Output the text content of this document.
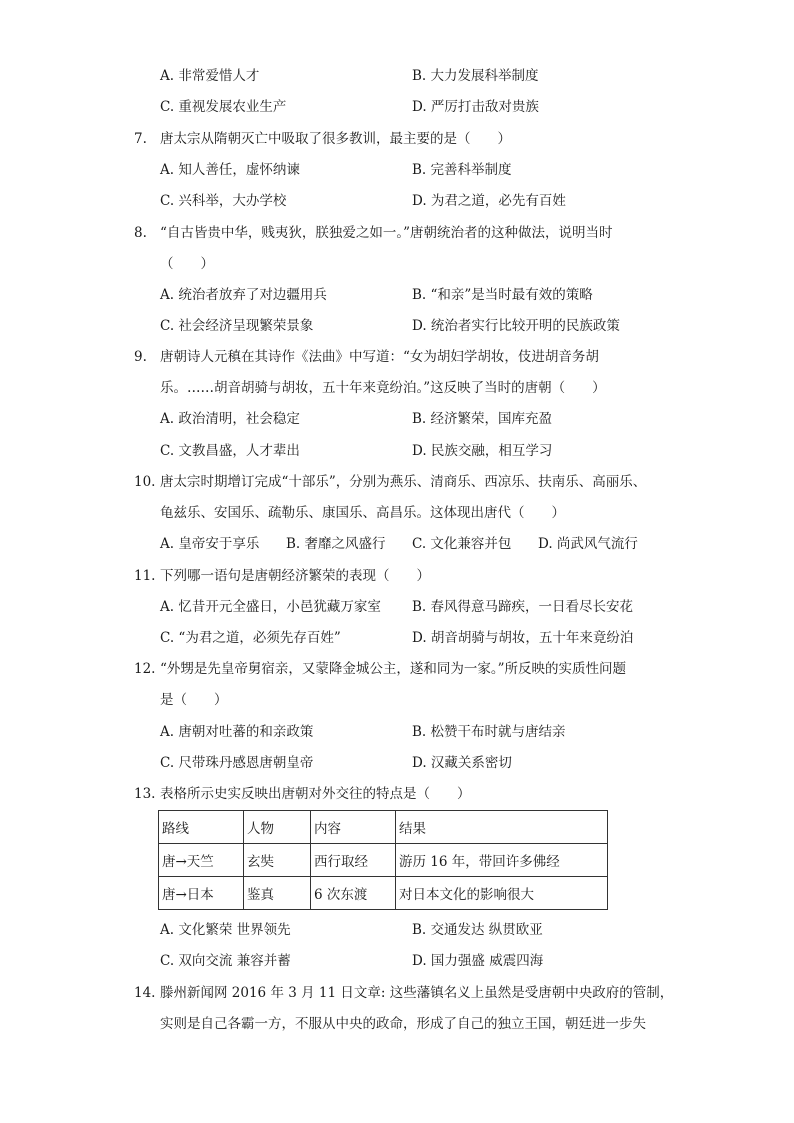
A. 非常爱惜人才	B. 大力发展科举制度
C. 重视发展农业生产	D. 严厉打击敌对贵族
7. 唐太宗从隋朝灭亡中吸取了很多教训，最主要的是（　　）
A. 知人善任，虚怀纳谏	B. 完善科举制度
C. 兴科举，大办学校	D. 为君之道，必先有百姓
8. “自古皆贵中华，贱夷狄，朕独爱之如一。”唐朝统治者的这种做法，说明当时
（　　）
A. 统治者放弃了对边疆用兵	B. “和亲”是当时最有效的策略
C. 社会经济呈现繁荣景象	D. 统治者实行比较开明的民族政策
9. 唐朝诗人元稹在其诗作《法曲》中写道：“女为胡妇学胡妆，伎进胡音务胡
乐。……胡音胡骑与胡妆，五十年来竟纷泊。”这反映了当时的唐朝（　　）
A. 政治清明，社会稳定	B. 经济繁荣，国库充盈
C. 文教昌盛，人才辈出	D. 民族交融，相互学习
10. 唐太宗时期增订完成“十部乐”，分别为燕乐、清商乐、西凉乐、扶南乐、高丽乐、
龟兹乐、安国乐、疏勒乐、康国乐、高昌乐。这体现出唐代（　　）
A. 皇帝安于享乐 B. 奢靡之风盛行 C. 文化兼容并包 D. 尚武风气流行
11. 下列哪一语句是唐朝经济繁荣的表现（　　）
A. 忆昔开元全盛日，小邑犹藏万家室 B. 春风得意马蹄疾，一日看尽长安花
C. “为君之道，必须先存百姓”	D. 胡音胡骑与胡妆，五十年来竟纷泊
12. “外甥是先皇帝舅宿亲，又蒙降金城公主，遂和同为一家。”所反映的实质性问题
是（　　）
A. 唐朝对吐蕃的和亲政策	B. 松赞干布时就与唐结亲
C. 尺带珠丹感恩唐朝皇帝	D. 汉藏关系密切
13. 表格所示史实反映出唐朝对外交往的特点是（　　）
路线	人物	内容	结果
唐→天竺	玄奘	西行取经	游历 16 年，带回许多佛经
唐→日本	鉴真	6 次东渡	对日本文化的影响很大
A. 文化繁荣 世界领先	B. 交通发达 纵贯欧亚
C. 双向交流 兼容并蓄	D. 国力强盛 威震四海
14. 滕州新闻网 2016 年 3 月 11 日文章: 这些藩镇名义上虽然是受唐朝中央政府的管制，
实则是自己各霸一方，不服从中央的政命，形成了自己的独立王国，朝廷进一步失
